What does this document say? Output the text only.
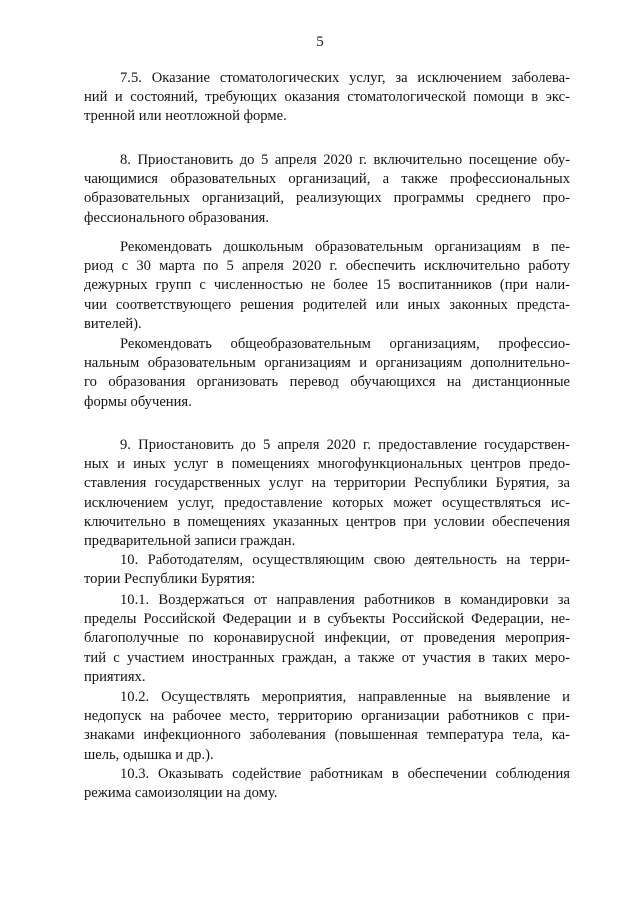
5
7.5. Оказание стоматологических услуг, за исключением заболева-
ний и состояний, требующих оказания стоматологической помощи в экс-
тренной или неотложной форме.
8. Приостановить до 5 апреля 2020 г. включительно посещение обу-
чающимися образовательных организаций, а также профессиональных
образовательных организаций, реализующих программы среднего про-
фессионального образования.
Рекомендовать дошкольным образовательным организациям в пе-
риод с 30 марта по 5 апреля 2020 г. обеспечить исключительно работу
дежурных групп с численностью не более 15 воспитанников (при нали-
чии соответствующего решения родителей или иных законных предста-
вителей).
Рекомендовать общеобразовательным организациям, профессио-
нальным образовательным организациям и организациям дополнительно-
го образования организовать перевод обучающихся на дистанционные
формы обучения.
9. Приостановить до 5 апреля 2020 г. предоставление государствен-
ных и иных услуг в помещениях многофункциональных центров предо-
ставления государственных услуг на территории Республики Бурятия, за
исключением услуг, предоставление которых может осуществляться ис-
ключительно в помещениях указанных центров при условии обеспечения
предварительной записи граждан.
10. Работодателям, осуществляющим свою деятельность на терри-
тории Республики Бурятия:
10.1. Воздержаться от направления работников в командировки за
пределы Российской Федерации и в субъекты Российской Федерации, не-
благополучные по коронавирусной инфекции, от проведения мероприя-
тий с участием иностранных граждан, а также от участия в таких меро-
приятиях.
10.2. Осуществлять мероприятия, направленные на выявление и
недопуск на рабочее место, территорию организации работников с при-
знаками инфекционного заболевания (повышенная температура тела, ка-
шель, одышка и др.).
10.3. Оказывать содействие работникам в обеспечении соблюдения
режима самоизоляции на дому.
